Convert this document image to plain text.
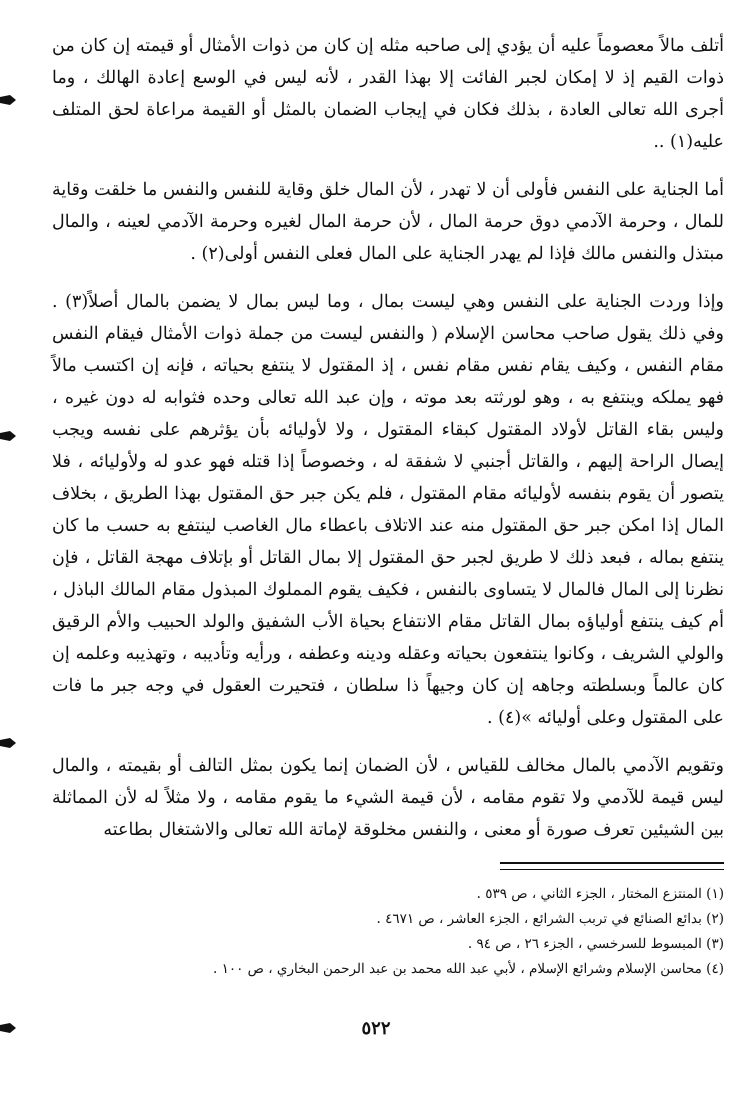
أتلف مالاً معصوماً عليه أن يؤدي إلى صاحبه مثله إن كان من ذوات الأمثال أو قيمته إن كان من ذوات القيم إذ لا إمكان لجبر الفائت إلا بهذا القدر ، لأنه ليس في الوسع إعادة الهالك ، وما أجرى الله تعالى العادة ، بذلك فكان في إيجاب الضمان بالمثل أو القيمة مراعاة لحق المتلف عليه(١) ..

أما الجناية على النفس فأولى أن لا تهدر ، لأن المال خلق وقاية للنفس والنفس ما خلقت وقاية للمال ، وحرمة الآدمي دوق حرمة المال ، لأن حرمة المال لغيره وحرمة الآدمي لعينه ، والمال مبتذل والنفس مالك فإذا لم يهدر الجناية على المال فعلى النفس أولى(٢) .

وإذا وردت الجناية على النفس وهي ليست بمال ، وما ليس بمال لا يضمن بالمال أصلاً(٣) . وفي ذلك يقول صاحب محاسن الإسلام ( والنفس ليست من جملة ذوات الأمثال فيقام النفس مقام النفس ، وكيف يقام نفس مقام نفس ، إذ المقتول لا ينتفع بحياته ، فإنه إن اكتسب مالاً فهو يملكه وينتفع به ، وهو لورثته بعد موته ، وإن عبد الله تعالى وحده فثوابه له دون غيره ، وليس بقاء القاتل لأولاد المقتول كبقاء المقتول ، ولا لأوليائه بأن يؤثرهم على نفسه ويجب إيصال الراحة إليهم ، والقاتل أجنبي لا شفقة له ، وخصوصاً إذا قتله فهو عدو له ولأوليائه ، فلا يتصور أن يقوم بنفسه لأوليائه مقام المقتول ، فلم يكن جبر حق المقتول بهذا الطريق ، بخلاف المال إذا امكن جبر حق المقتول منه عند الاتلاف باعطاء مال الغاصب لينتفع به حسب ما كان ينتفع بماله ، فبعد ذلك لا طريق لجبر حق المقتول إلا بمال القاتل أو بإتلاف مهجة القاتل ، فإن نظرنا إلى المال فالمال لا يتساوى بالنفس ، فكيف يقوم المملوك المبذول مقام المالك الباذل ، أم كيف ينتفع أولياؤه بمال القاتل مقام الانتفاع بحياة الأب الشفيق والولد الحبيب والأم الرقيق والولي الشريف ، وكانوا ينتفعون بحياته وعقله ودينه وعطفه ، ورأيه وتأديبه ، وتهذيبه وعلمه إن كان عالماً وبسلطته وجاهه إن كان وجيهاً ذا سلطان ، فتحيرت العقول في وجه جبر ما فات على المقتول وعلى أوليائه »(٤) .

وتقويم الآدمي بالمال مخالف للقياس ، لأن الضمان إنما يكون بمثل التالف أو بقيمته ، والمال ليس قيمة للآدمي ولا تقوم مقامه ، لأن قيمة الشيء ما يقوم مقامه ، ولا مثلاً له لأن المماثلة بين الشيئين تعرف صورة أو معنى ، والنفس مخلوقة لإماتة الله تعالى والاشتغال بطاعته

(١) المنتزع المختار ، الجزء الثاني ، ص ٥٣٩ .

(٢) بدائع الصنائع في تربب الشرائع ، الجزء العاشر ، ص ٤٦٧١ .

(٣) المبسوط للسرخسي ، الجزء ٢٦ ، ص ٩٤ .

(٤) محاسن الإسلام وشرائع الإسلام ، لأبي عبد الله محمد بن عبد الرحمن البخاري ، ص ١٠٠ .

٥٢٢
